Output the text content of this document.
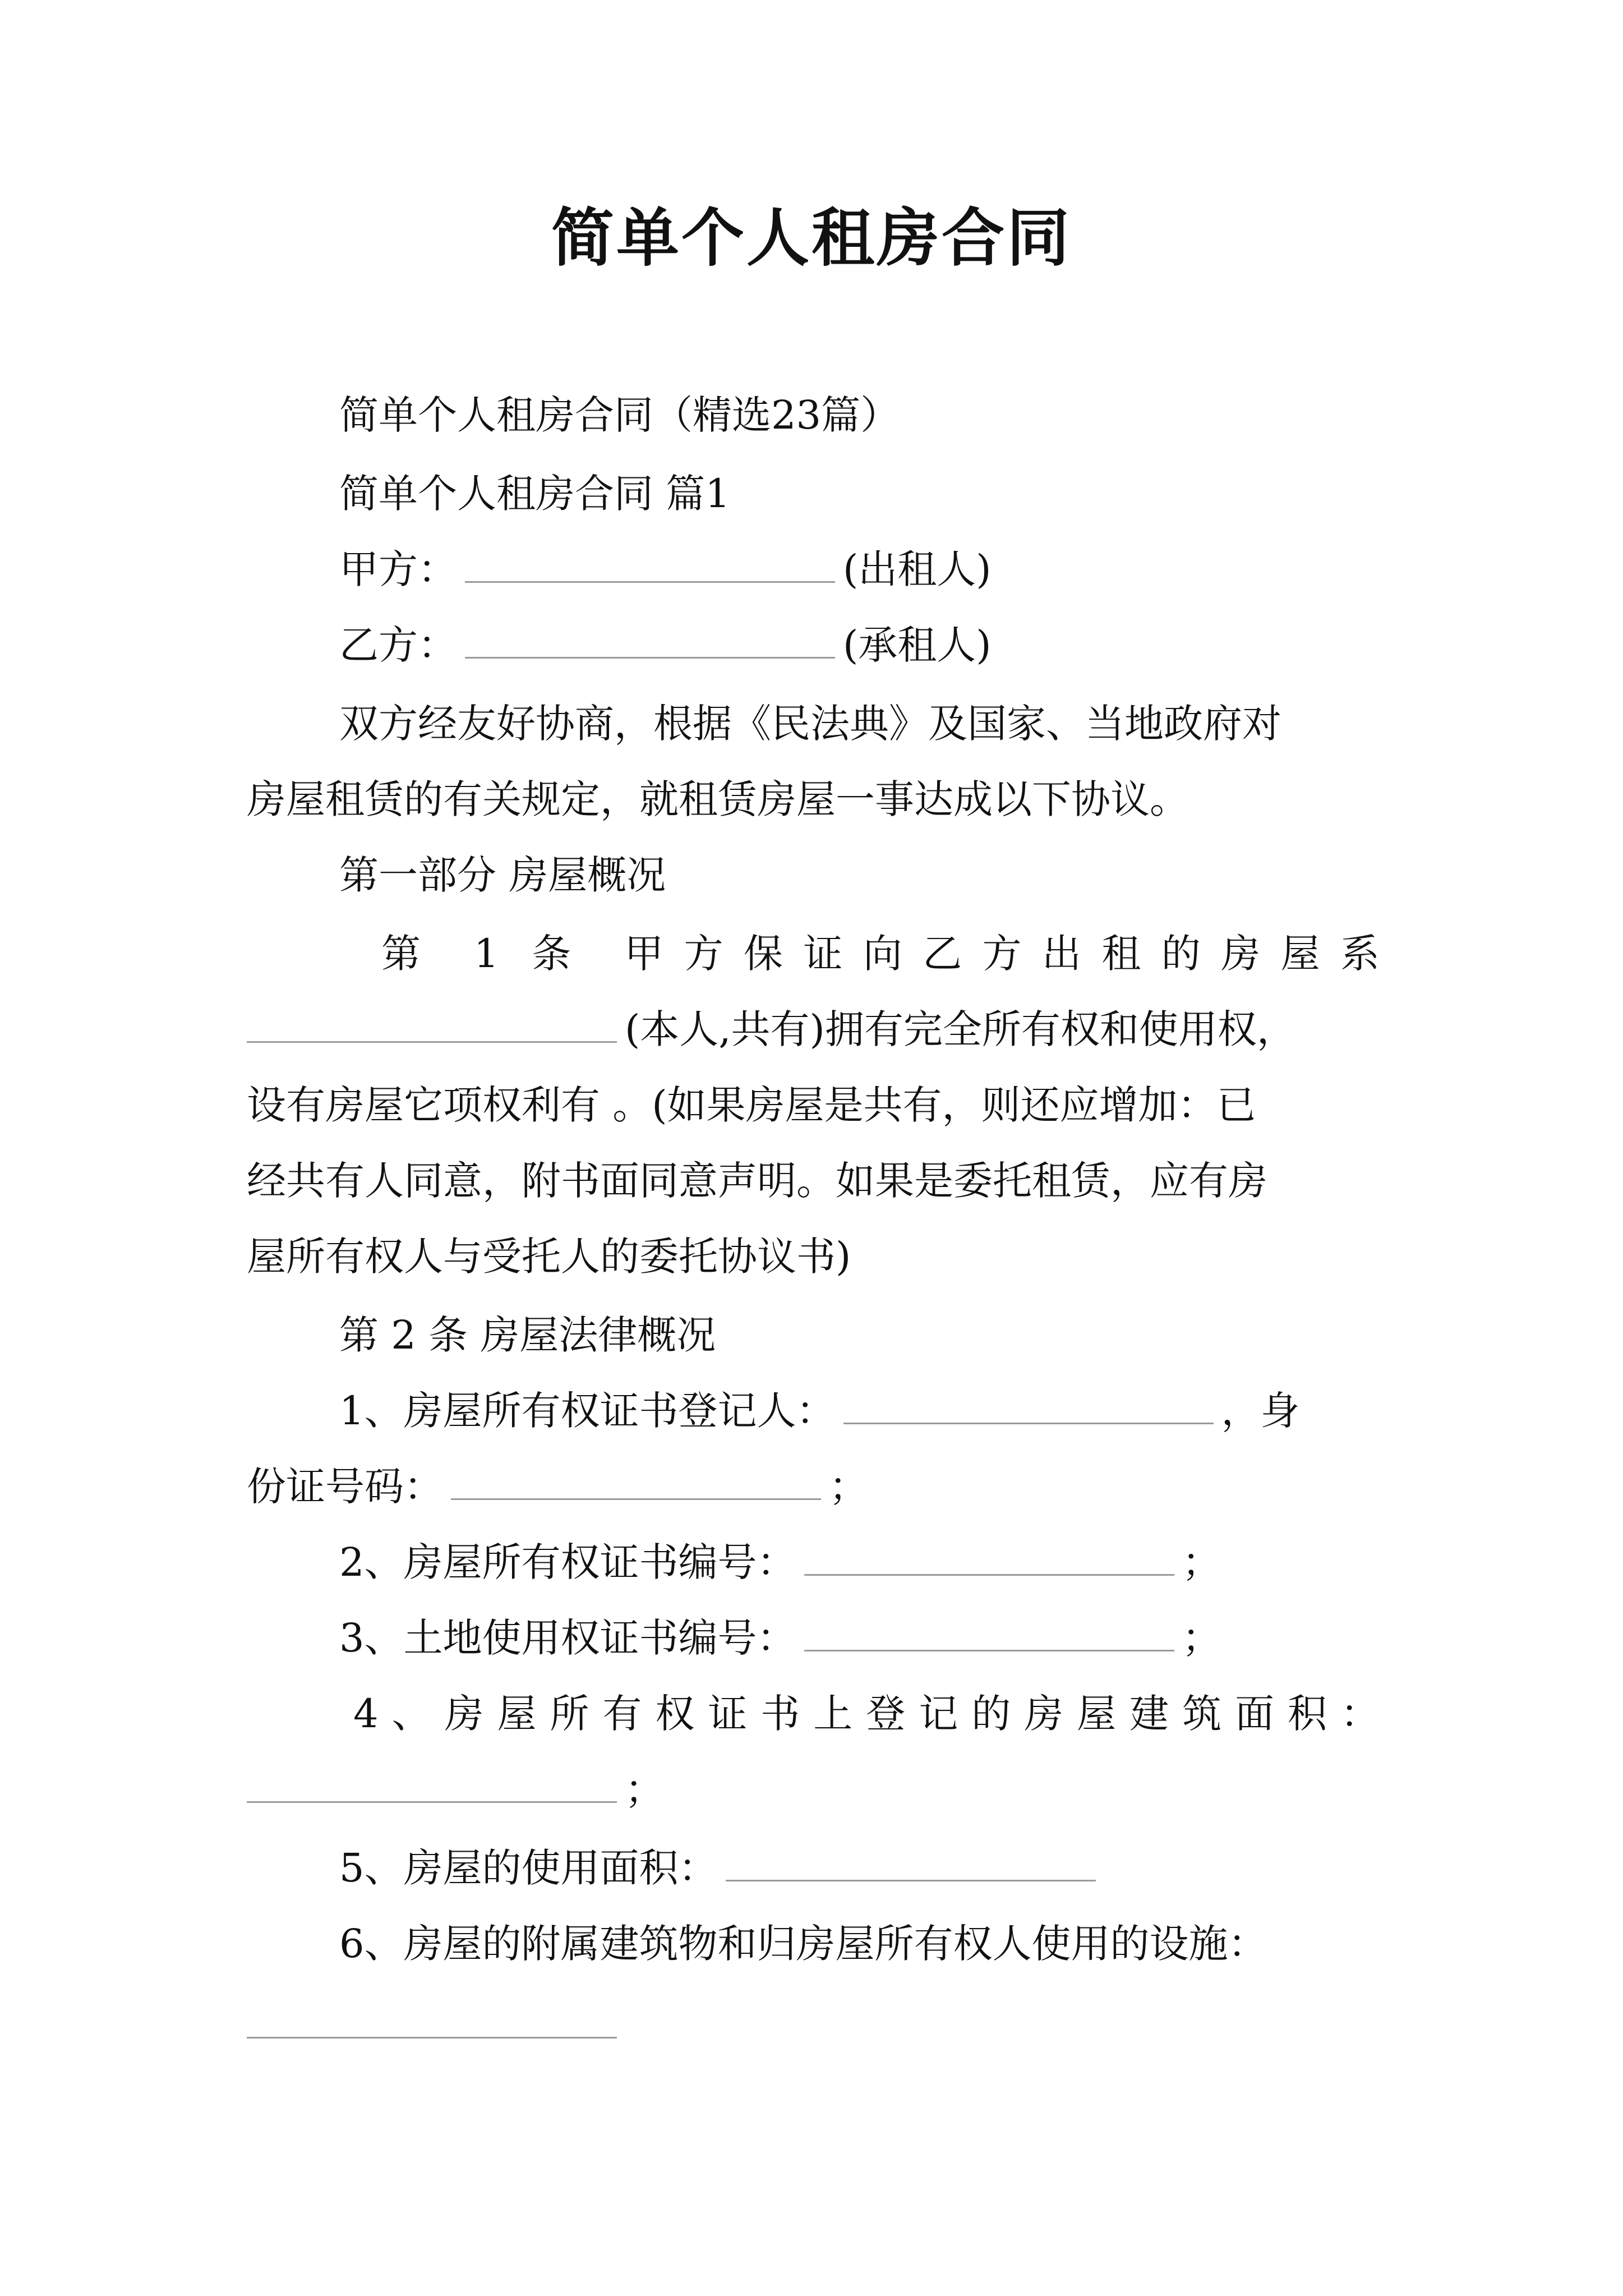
简单个人租房合同
简单个人租房合同（精选23篇）
简单个人租房合同 篇1
甲方：	(出租人)
乙方：	(承租人)
双方经友好协商，根据《民法典》及国家、当地政府对
房屋租赁的有关规定，就租赁房屋一事达成以下协议。
第一部分 房屋概况
第 1 条 甲方保证向乙方出租的房屋系
(本人,共有)拥有完全所有权和使用权，
设有房屋它项权利有 。(如果房屋是共有，则还应增加：已
经共有人同意，附书面同意声明。如果是委托租赁，应有房
屋所有权人与受托人的委托协议书)
第 2 条 房屋法律概况
1、房屋所有权证书登记人：	，身
份证号码：	；
2、房屋所有权证书编号：	；
3、土地使用权证书编号：	；
4、房屋所有权证书上登记的房屋建筑面积：
；
5、房屋的使用面积：
6、房屋的附属建筑物和归房屋所有权人使用的设施：
